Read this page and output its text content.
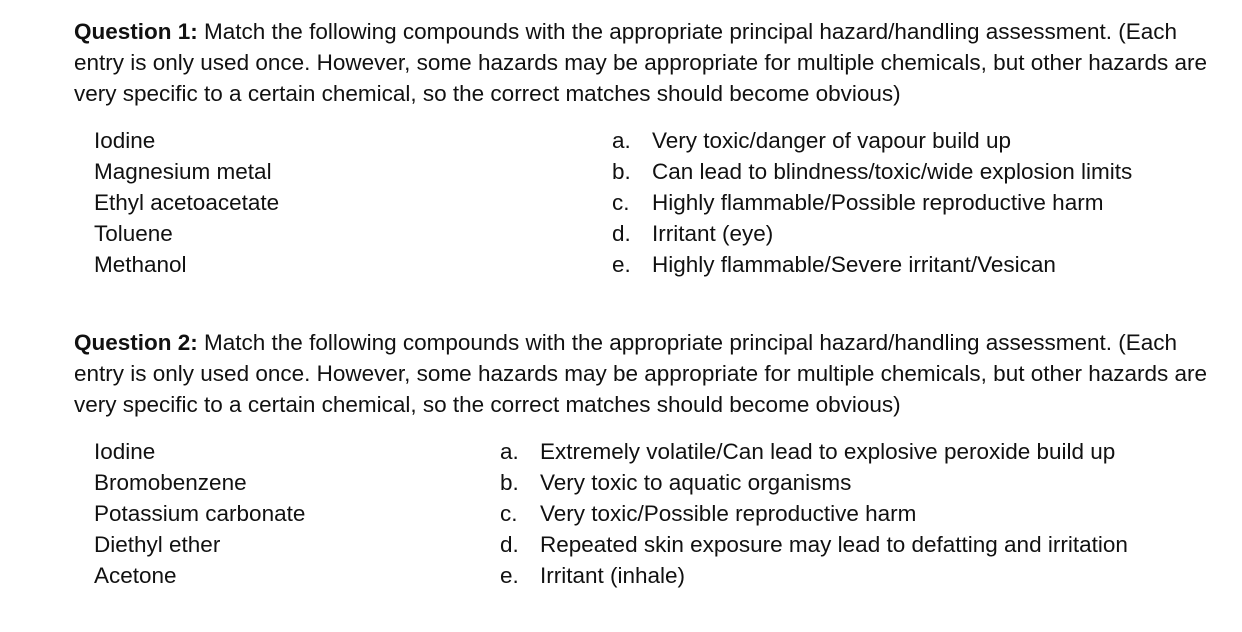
Question 1: Match the following compounds with the appropriate principal hazard/handling assessment. (Each entry is only used once. However, some hazards may be appropriate for multiple chemicals, but other hazards are very specific to a certain chemical, so the correct matches should become obvious)

Iodine
Magnesium metal
Ethyl acetoacetate
Toluene
Methanol
a. Very toxic/danger of vapour build up
b. Can lead to blindness/toxic/wide explosion limits
c. Highly flammable/Possible reproductive harm
d. Irritant (eye)
e. Highly flammable/Severe irritant/Vesican

Question 2: Match the following compounds with the appropriate principal hazard/handling assessment. (Each entry is only used once. However, some hazards may be appropriate for multiple chemicals, but other hazards are very specific to a certain chemical, so the correct matches should become obvious)

Iodine
Bromobenzene
Potassium carbonate
Diethyl ether
Acetone
a. Extremely volatile/Can lead to explosive peroxide build up
b. Very toxic to aquatic organisms
c. Very toxic/Possible reproductive harm
d. Repeated skin exposure may lead to defatting and irritation
e. Irritant (inhale)
